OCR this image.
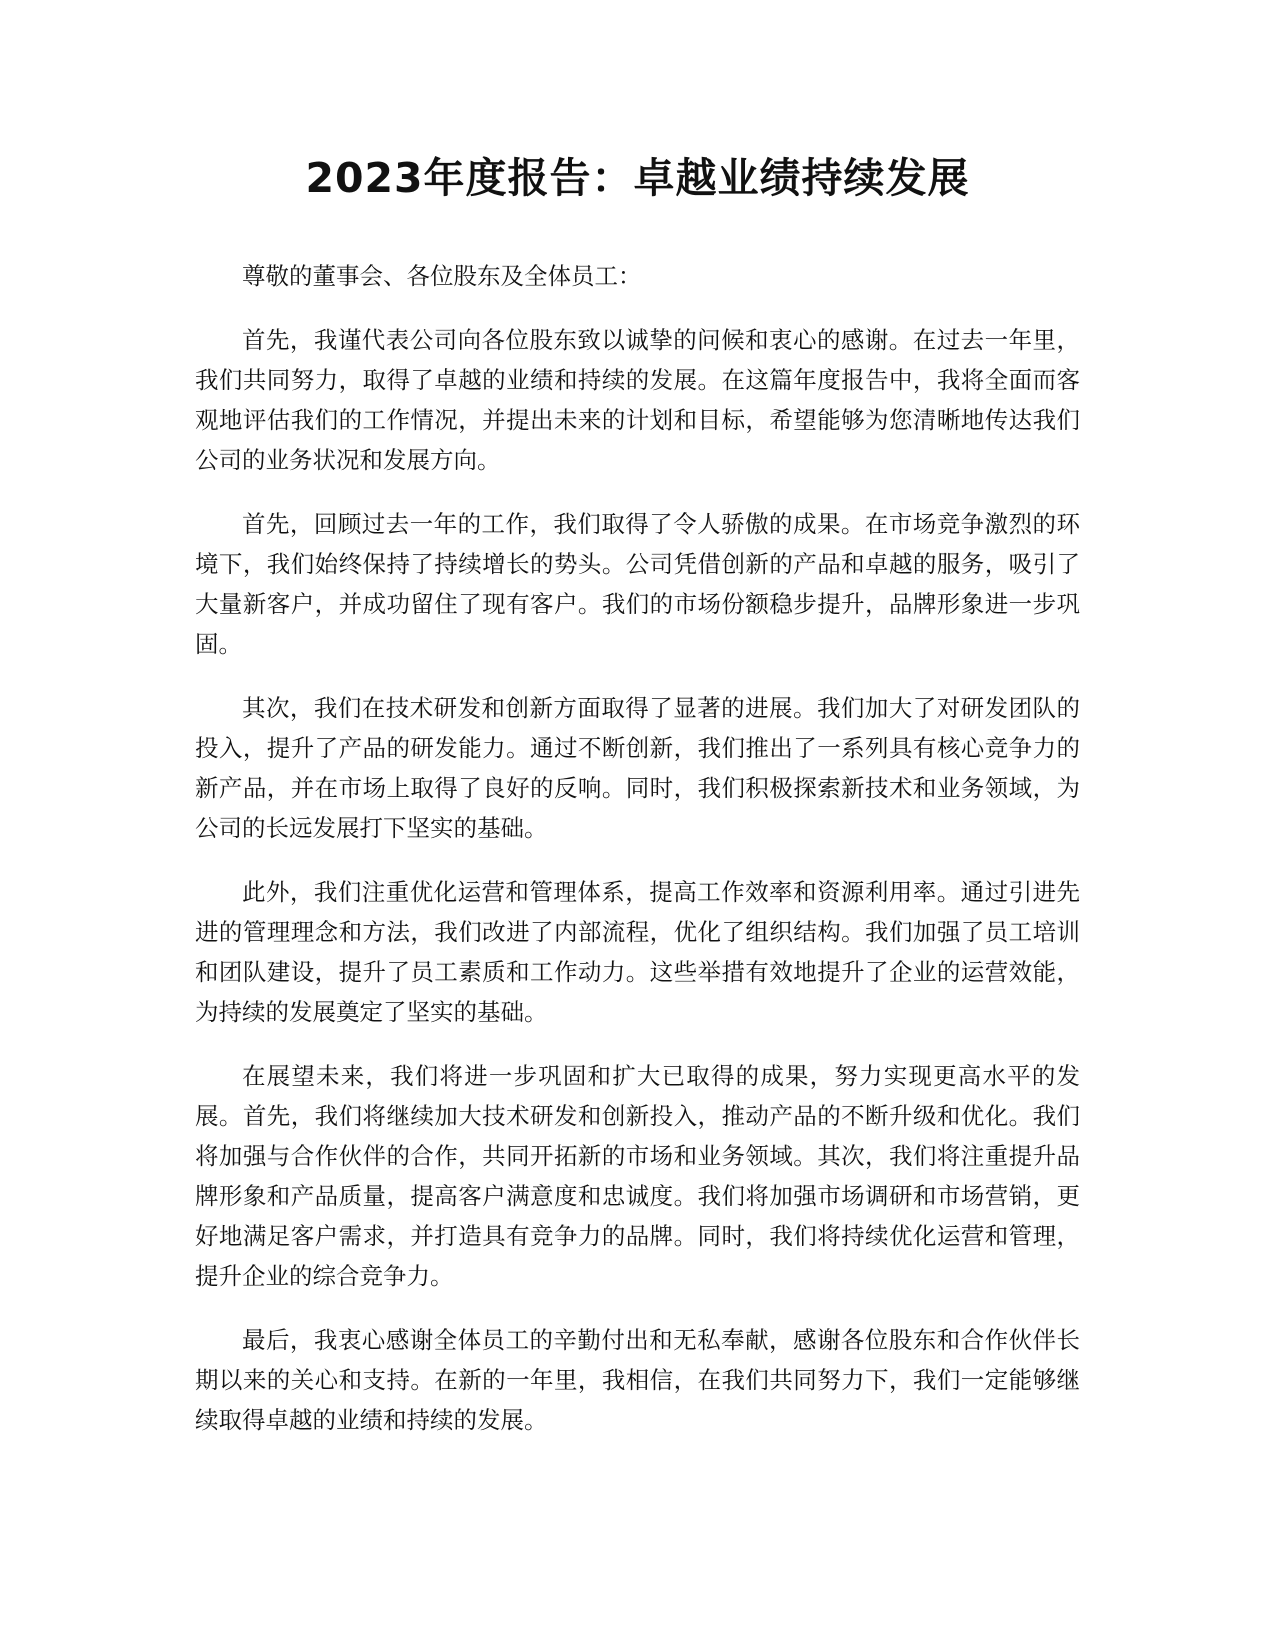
2023年度报告：卓越业绩持续发展

尊敬的董事会、各位股东及全体员工：

首先，我谨代表公司向各位股东致以诚挚的问候和衷心的感谢。在过去一年里，我们共同努力，取得了卓越的业绩和持续的发展。在这篇年度报告中，我将全面而客观地评估我们的工作情况，并提出未来的计划和目标，希望能够为您清晰地传达我们公司的业务状况和发展方向。

首先，回顾过去一年的工作，我们取得了令人骄傲的成果。在市场竞争激烈的环境下，我们始终保持了持续增长的势头。公司凭借创新的产品和卓越的服务，吸引了大量新客户，并成功留住了现有客户。我们的市场份额稳步提升，品牌形象进一步巩固。

其次，我们在技术研发和创新方面取得了显著的进展。我们加大了对研发团队的投入，提升了产品的研发能力。通过不断创新，我们推出了一系列具有核心竞争力的新产品，并在市场上取得了良好的反响。同时，我们积极探索新技术和业务领域，为公司的长远发展打下坚实的基础。

此外，我们注重优化运营和管理体系，提高工作效率和资源利用率。通过引进先进的管理理念和方法，我们改进了内部流程，优化了组织结构。我们加强了员工培训和团队建设，提升了员工素质和工作动力。这些举措有效地提升了企业的运营效能，为持续的发展奠定了坚实的基础。

在展望未来，我们将进一步巩固和扩大已取得的成果，努力实现更高水平的发展。首先，我们将继续加大技术研发和创新投入，推动产品的不断升级和优化。我们将加强与合作伙伴的合作，共同开拓新的市场和业务领域。其次，我们将注重提升品牌形象和产品质量，提高客户满意度和忠诚度。我们将加强市场调研和市场营销，更好地满足客户需求，并打造具有竞争力的品牌。同时，我们将持续优化运营和管理，提升企业的综合竞争力。

最后，我衷心感谢全体员工的辛勤付出和无私奉献，感谢各位股东和合作伙伴长期以来的关心和支持。在新的一年里，我相信，在我们共同努力下，我们一定能够继续取得卓越的业绩和持续的发展。
